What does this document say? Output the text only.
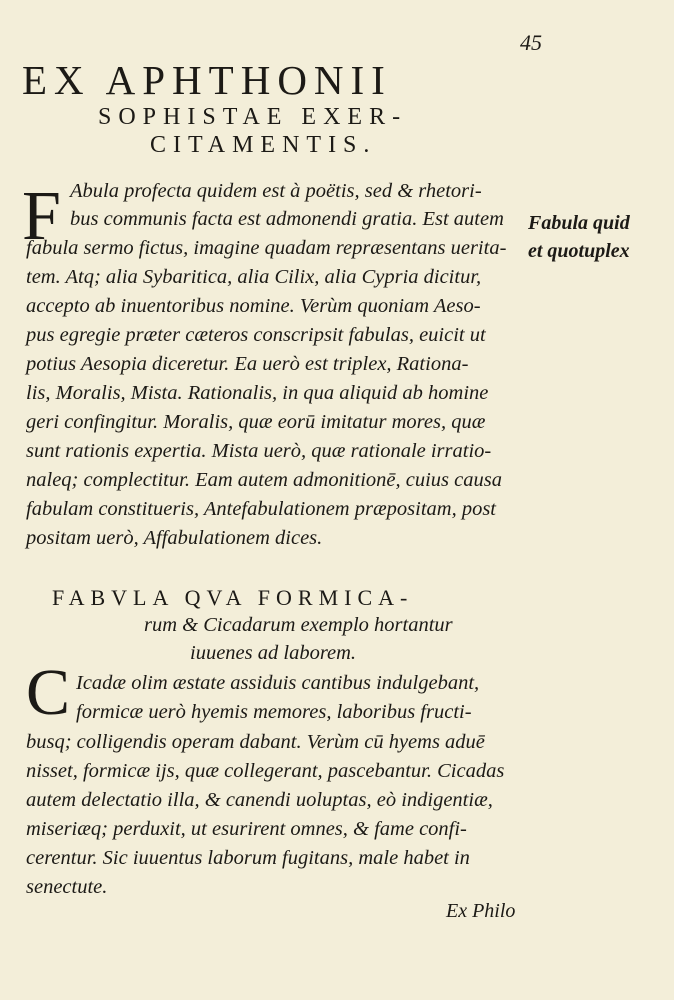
45
EX APHTHONII
SOPHISTAE EXER-
CITAMENTIS.
F Abula profecta quidem est à poëtis, sed & rhetori-
bus communis facta est admonendi gratia. Est autem
fabula sermo fictus, imagine quadam repræsentans uerita-
tem. Atq; alia Sybaritica, alia Cilix, alia Cypria dicitur,
accepto ab inuentoribus nomine. Verùm quoniam Aeso-
pus egregie præter cæteros conscripsit fabulas, euicit ut
potius Aesopia diceretur. Ea uerò est triplex, Rationa-
lis, Moralis, Mista. Rationalis, in qua aliquid ab homine
geri confingitur. Moralis, quæ eorū imitatur mores, quæ
sunt rationis expertia. Mista uerò, quæ rationale irratio-
naleq; complectitur. Eam autem admonitionē, cuius causa
fabulam constitueris, Antefabulationem præpositam, post
positam uerò, Affabulationem dices.
Fabula quid
et quotuplex
FABVLA QVA FORMICA-
rum & Cicadarum exemplo hortantur
iuuenes ad laborem.
C Icadæ olim æstate assiduis cantibus indulgebant,
formicæ uerò hyemis memores, laboribus fructi-
busq; colligendis operam dabant. Verùm cū hyems aduē
nisset, formicæ ijs, quæ collegerant, pascebantur. Cicadas
autem delectatio illa, & canendi uoluptas, eò indigentiæ,
miseriæq; perduxit, ut esurirent omnes, & fame confi-
cerentur. Sic iuuentus laborum fugitans, male habet in
senectute.
Ex Philo
